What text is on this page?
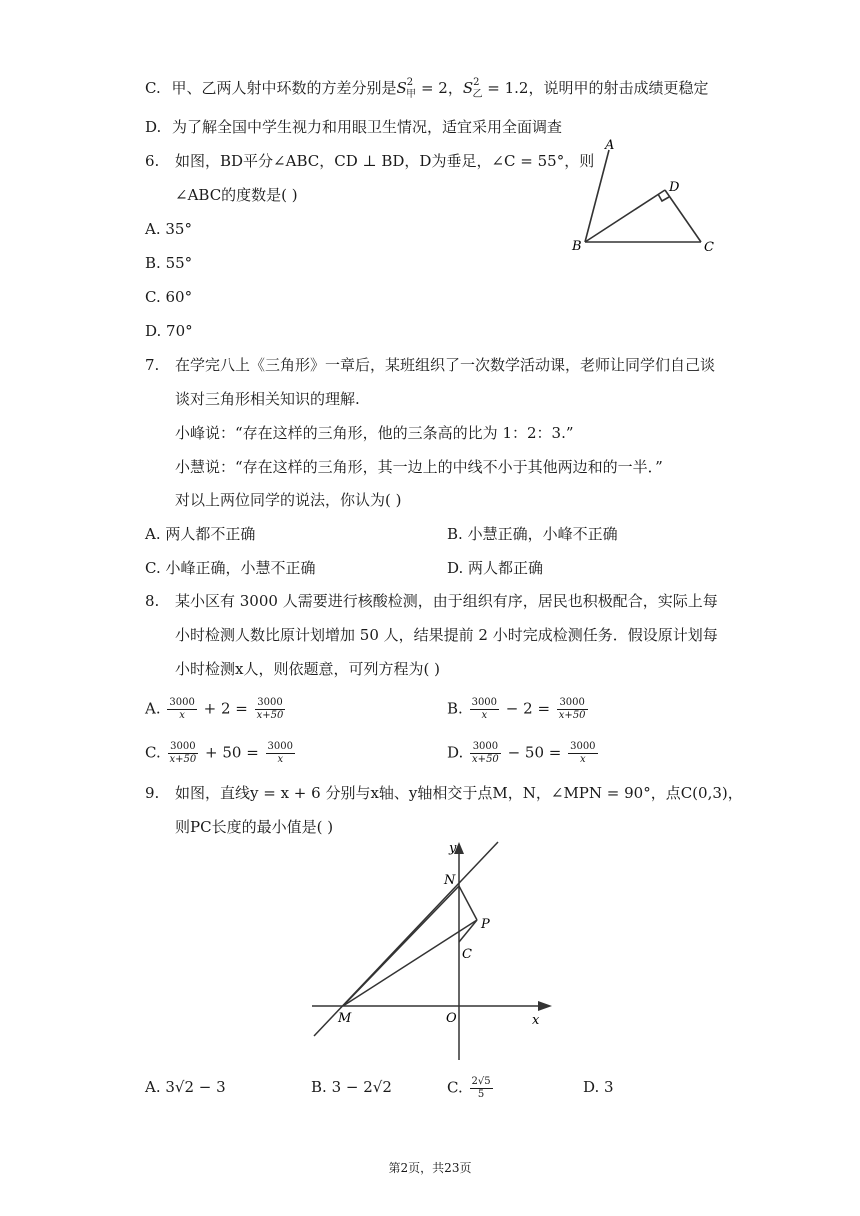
C. 甲、乙两人射中环数的方差分别是$S^2_甲 = 2$，$S^2_乙 = 1.2$，说明甲的射击成绩更稳定
D. 为了解全国中学生视力和用眼卫生情况，适宜采用全面调查
6. 如图，BD平分∠ABC，CD ⊥ BD，D为垂足，∠C = 55°，则
∠ABC的度数是( )
A. 35°
B. 55°
C. 60°
D. 70°
A
B
D
C
7. 在学完八上《三角形》一章后，某班组织了一次数学活动课，老师让同学们自己谈
谈对三角形相关知识的理解.
小峰说：“存在这样的三角形，他的三条高的比为 1：2：3.”
小慧说：“存在这样的三角形，其一边上的中线不小于其他两边和的一半．”
对以上两位同学的说法，你认为( )
A. 两人都不正确	B. 小慧正确，小峰不正确
C. 小峰正确，小慧不正确	D. 两人都正确
8. 某小区有 3000 人需要进行核酸检测，由于组织有序，居民也积极配合，实际上每
小时检测人数比原计划增加 50 人，结果提前 2 小时完成检测任务．假设原计划每
小时检测x人，则依题意，可列方程为( )
A. $\frac{3000}{x} + 2 = \frac{3000}{x+50}$	B. $\frac{3000}{x} - 2 = \frac{3000}{x+50}$
C. $\frac{3000}{x+50} + 50 = \frac{3000}{x}$	D. $\frac{3000}{x+50} - 50 = \frac{3000}{x}$
9. 如图，直线y = x + 6 分别与x轴、y轴相交于点M，N，∠MPN = 90°，点C(0,3)，
则PC长度的最小值是( )
y
x
N
P
C
M	O
A. 3√2 − 3	B. 3 − 2√2	C. $\frac{2√5}{5}$	D. 3
第2页，共23页
